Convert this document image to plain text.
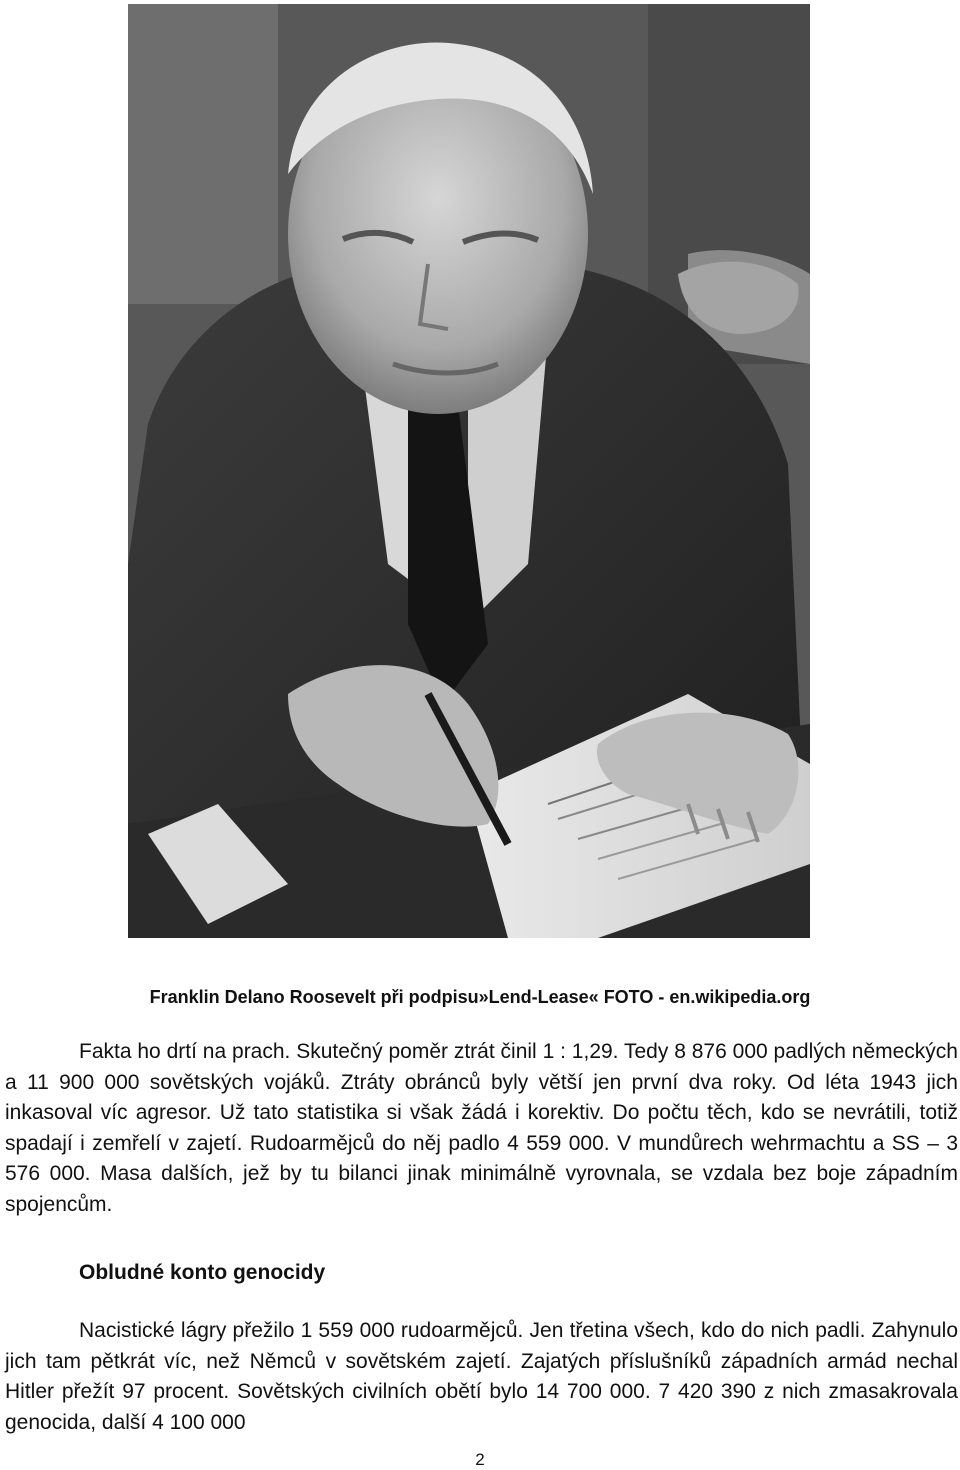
Franklin Delano Roosevelt při podpisu»Lend-Lease« FOTO - en.wikipedia.org
Fakta ho drtí na prach. Skutečný poměr ztrát činil 1 : 1,29. Tedy 8 876 000 padlých německých a 11 900 000 sovětských vojáků. Ztráty obránců byly větší jen první dva roky. Od léta 1943 jich inkasoval víc agresor. Už tato statistika si však žádá i korektiv. Do počtu těch, kdo se nevrátili, totiž spadají i zemřelí v zajetí. Rudoarmějců do něj padlo 4 559 000. V mundůrech wehrmachtu a SS – 3 576 000. Masa dalších, jež by tu bilanci jinak minimálně vyrovnala, se vzdala bez boje západním spojencům.
Obludné konto genocidy
Nacistické lágry přežilo 1 559 000 rudoarmějců. Jen třetina všech, kdo do nich padli. Zahynulo jich tam pětkrát víc, než Němců v sovětském zajetí. Zajatých příslušníků západních armád nechal Hitler přežít 97 procent. Sovětských civilních obětí bylo 14 700 000. 7 420 390 z nich zmasakrovala genocida, další 4 100 000
2
